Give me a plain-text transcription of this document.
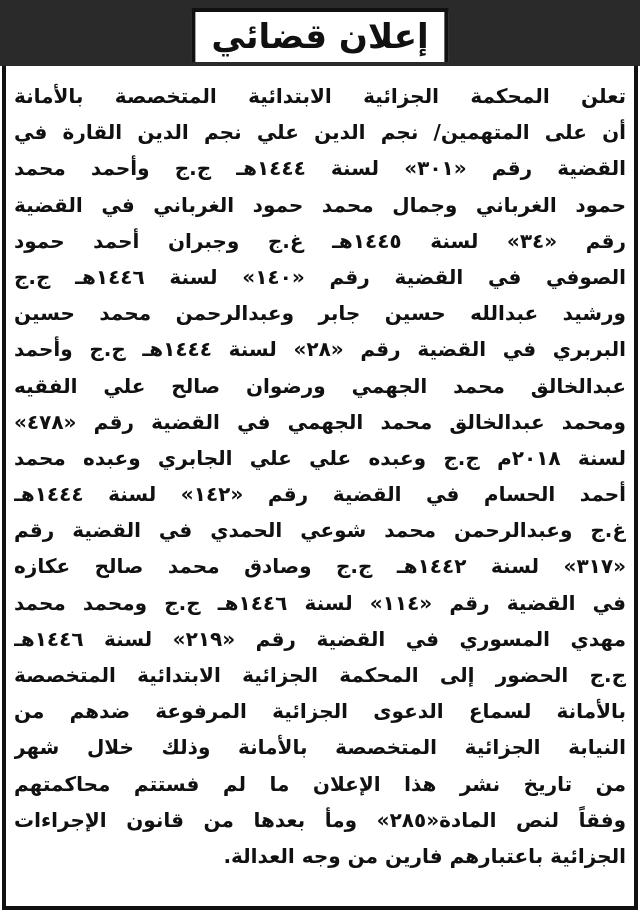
إعلان قضائي
تعلن المحكمة الجزائية الابتدائية المتخصصة بالأمانة
أن على المتهمين/ نجم الدين علي نجم الدين القارة في
القضية رقم «٣٠١» لسنة ١٤٤٤هـ ج.ج وأحمد محمد
حمود الغرباني وجمال محمد حمود الغرباني في القضية
رقم «٣٤» لسنة ١٤٤٥هـ غ.ج وجبران أحمد حمود
الصوفي في القضية رقم «١٤٠» لسنة ١٤٤٦هـ ج.ج
ورشيد عبدالله حسين جابر وعبدالرحمن محمد حسين
البربري في القضية رقم «٢٨» لسنة ١٤٤٤هـ ج.ج وأحمد
عبدالخالق محمد الجهمي ورضوان صالح علي الفقيه
ومحمد عبدالخالق محمد الجهمي في القضية رقم «٤٧٨»
لسنة ٢٠١٨م ج.ج وعبده علي علي الجابري وعبده محمد
أحمد الحسام في القضية رقم «١٤٢» لسنة ١٤٤٤هـ
غ.ج وعبدالرحمن محمد شوعي الحمدي في القضية رقم
«٣١٧» لسنة ١٤٤٢هـ ج.ج وصادق محمد صالح عكازه
في القضية رقم «١١٤» لسنة ١٤٤٦هـ ج.ج ومحمد محمد
مهدي المسوري في القضية رقم «٢١٩» لسنة ١٤٤٦هـ
ج.ج الحضور إلى المحكمة الجزائية الابتدائية المتخصصة
بالأمانة لسماع الدعوى الجزائية المرفوعة ضدهم من
النيابة الجزائية المتخصصة بالأمانة وذلك خلال شهر
من تاريخ نشر هذا الإعلان ما لم فستتم محاكمتهم
وفقاً لنص المادة«٢٨٥» ومأ بعدها من قانون الإجراءات
الجزائية باعتبارهم فارين من وجه العدالة.
